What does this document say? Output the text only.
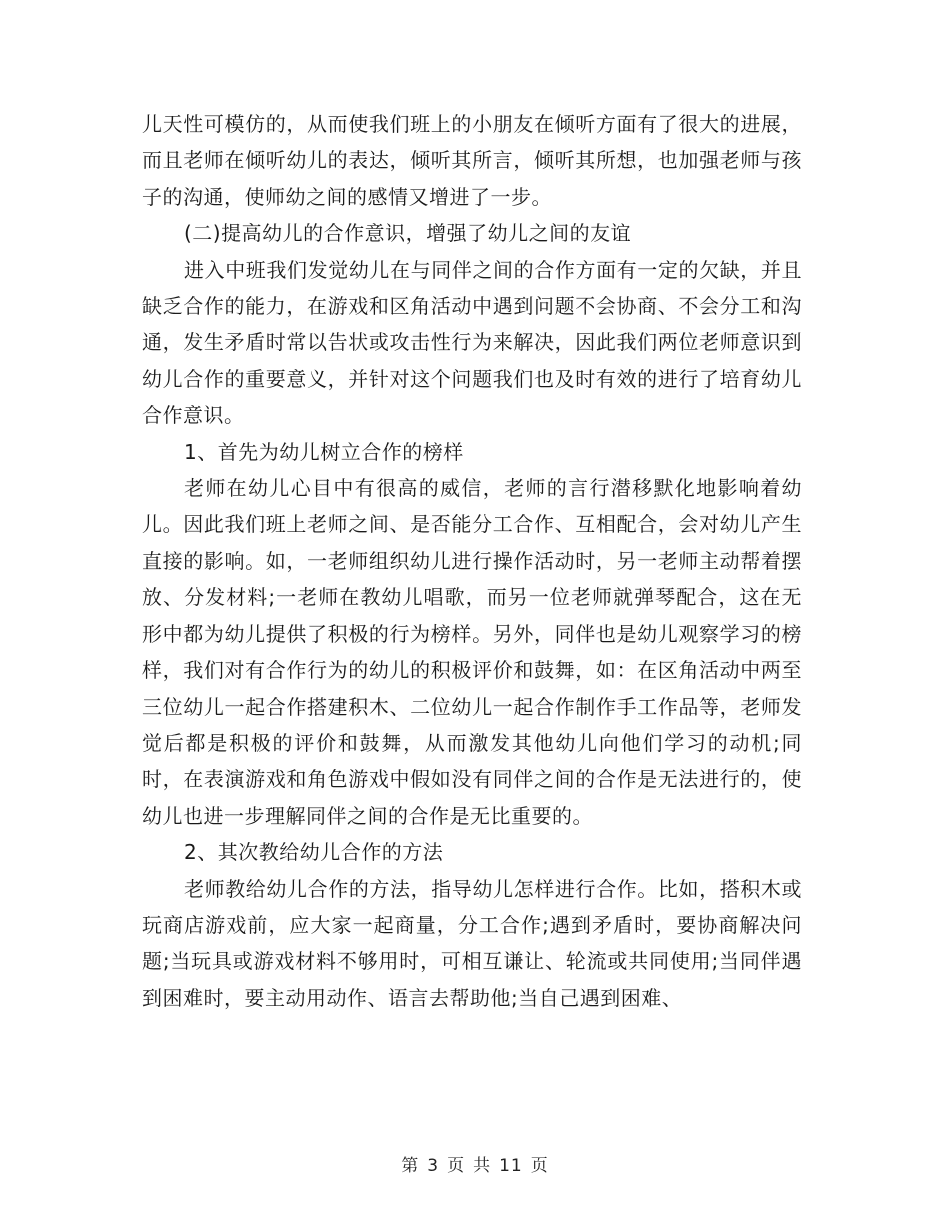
儿天性可模仿的，从而使我们班上的小朋友在倾听方面有了很大的进展，而且老师在倾听幼儿的表达，倾听其所言，倾听其所想，也加强老师与孩子的沟通，使师幼之间的感情又增进了一步。

(二)提高幼儿的合作意识，增强了幼儿之间的友谊

进入中班我们发觉幼儿在与同伴之间的合作方面有一定的欠缺，并且缺乏合作的能力，在游戏和区角活动中遇到问题不会协商、不会分工和沟通，发生矛盾时常以告状或攻击性行为来解决，因此我们两位老师意识到幼儿合作的重要意义，并针对这个问题我们也及时有效的进行了培育幼儿合作意识。

1、首先为幼儿树立合作的榜样

老师在幼儿心目中有很高的威信，老师的言行潜移默化地影响着幼儿。因此我们班上老师之间、是否能分工合作、互相配合，会对幼儿产生直接的影响。如，一老师组织幼儿进行操作活动时，另一老师主动帮着摆放、分发材料;一老师在教幼儿唱歌，而另一位老师就弹琴配合，这在无形中都为幼儿提供了积极的行为榜样。另外，同伴也是幼儿观察学习的榜样，我们对有合作行为的幼儿的积极评价和鼓舞，如：在区角活动中两至三位幼儿一起合作搭建积木、二位幼儿一起合作制作手工作品等，老师发觉后都是积极的评价和鼓舞，从而激发其他幼儿向他们学习的动机;同时，在表演游戏和角色游戏中假如没有同伴之间的合作是无法进行的，使幼儿也进一步理解同伴之间的合作是无比重要的。

2、其次教给幼儿合作的方法

老师教给幼儿合作的方法，指导幼儿怎样进行合作。比如，搭积木或玩商店游戏前，应大家一起商量，分工合作;遇到矛盾时，要协商解决问题;当玩具或游戏材料不够用时，可相互谦让、轮流或共同使用;当同伴遇到困难时，要主动用动作、语言去帮助他;当自己遇到困难、

第 3 页 共 11 页
